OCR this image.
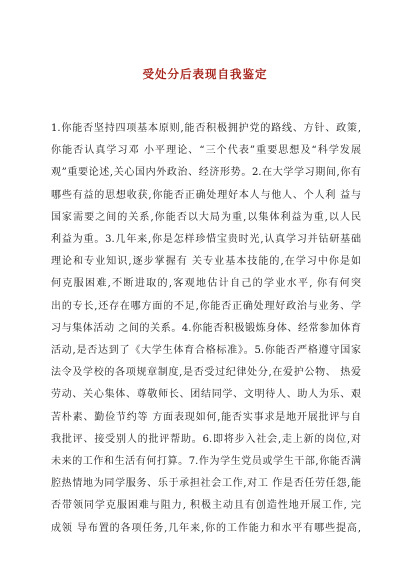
受处分后表现自我鉴定
1.你能否坚持四项基本原则,能否积极拥护党的路线、方针、政策,
你能否认真学习邓 小平理论、“三个代表”重要思想及“科学发展
观”重要论述,关心国内外政治、经济形势。2.在大学学习期间,你有
哪些有益的思想收获,你能否正确处理好本人与他人、个人利 益与
国家需要之间的关系,你能否以大局为重,以集体利益为重,以人民
利益为重。3.几年来,你是怎样珍惜宝贵时光,认真学习并钻研基础
理论和专业知识,逐步掌握有 关专业基本技能的,在学习中你是如
何克服困难,不断进取的,客观地估计自己的学业水平, 你有何突
出的专长,还存在哪方面的不足,你能否正确处理好政治与业务、学
习与集体活动 之间的关系。4.你能否积极锻炼身体、经常参加体育
活动,是否达到了《大学生体育合格标准》。5.你能否严格遵守国家
法令及学校的各项规章制度,是否受过纪律处分,在爱护公物、 热爱
劳动、关心集体、尊敬师长、团结同学、文明待人、助人为乐、艰
苦朴素、勤俭节约等 方面表现如何,能否实事求是地开展批评与自
我批评、接受别人的批评帮助。6.即将步入社会,走上新的岗位,对
未来的工作和生活有何打算。7.作为学生党员或学生干部,你能否满
腔热情地为同学服务、乐于承担社会工作,对工 作是否任劳任怨,能
否带领同学克服困难与阻力, 积极主动且有创造性地开展工作, 完
成领 导布置的各项任务,几年来,你的工作能力和水平有哪些提高,
